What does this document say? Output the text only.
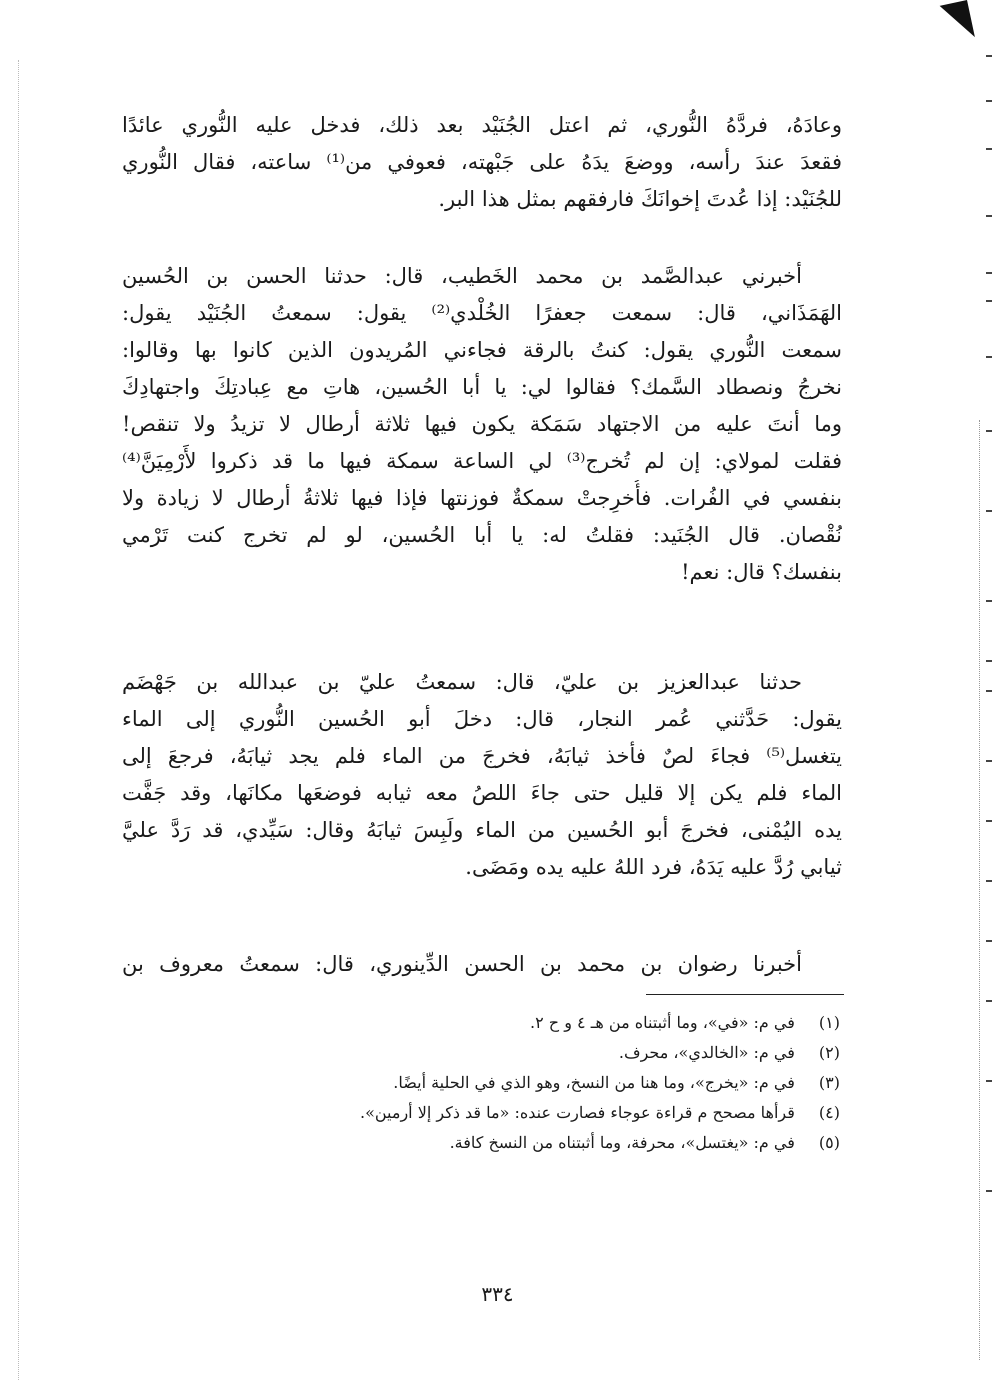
وعادَهُ، فردَّهُ النُّوري، ثم اعتل الجُنَيْد بعد ذلك، فدخل عليه النُّوري عائدًا
فقعدَ عندَ رأسه، ووضعَ يدَهُ على جَبْهته، فعوفي من⁽¹⁾ ساعته، فقال النُّوري
للجُنَيْد: إذا عُدتَ إخوانَكَ فارفقهم بمثل هذا البر.

أخبرني عبدالصَّمد بن محمد الخَطيب، قال: حدثنا الحسن بن الحُسين
الهَمَذَاني، قال: سمعت جعفرًا الخُلْدي⁽²⁾ يقول: سمعتُ الجُنَيْد يقول:
سمعت النُّوري يقول: كنتُ بالرقة فجاءني المُريدون الذين كانوا بها وقالوا:
نخرجُ ونصطاد السَّمك؟ فقالوا لي: يا أبا الحُسين، هاتِ مع عِبادتِكَ واجتهادِكَ
وما أنتَ عليه من الاجتهاد سَمَكة يكون فيها ثلاثة أرطال لا تزيدُ ولا تنقص!
فقلت لمولاي: إن لم تُخرج⁽³⁾ لي الساعة سمكة فيها ما قد ذكروا لأَرْمِيَنَّ⁽⁴⁾
بنفسي في الفُرات. فأُخرِجتْ سمكةٌ فوزنتها فإذا فيها ثلاثةُ أرطال لا زيادة ولا
نُقْصان. قال الجُنَيد: فقلتُ له: يا أبا الحُسين، لو لم تخرج كنت تَرْمي
بنفسك؟ قال: نعم!

حدثنا عبدالعزيز بن عليّ، قال: سمعتُ عليّ بن عبدالله بن جَهْضَم
يقول: حَدَّثني عُمر النجار، قال: دخلَ أبو الحُسين النُّوري إلى الماء
يتغسل⁽⁵⁾ فجاءَ لصٌ فأخذ ثيابَهُ، فخرجَ من الماء فلم يجد ثيابَهُ، فرجعَ إلى
الماء فلم يكن إلا قليل حتى جاءَ اللصُ معه ثيابه فوضعَها مكانَها، وقد جَفَّت
يده اليُمْنى، فخرجَ أبو الحُسين من الماء ولَبِسَ ثيابَهُ وقال: سَيِّدي، قد رَدَّ عليَّ
ثيابي رُدَّ عليه يَدَهُ، فرد اللهُ عليه يده ومَضَى.

أخبرنا رضوان بن محمد بن الحسن الدِّينوري، قال: سمعتُ معروف بن

(١) في م: «في»، وما أثبتناه من هـ ٤ و ح ٢.
(٢) في م: «الخالدي»، محرف.
(٣) في م: «يخرج»، وما هنا من النسخ، وهو الذي في الحلية أيضًا.
(٤) قرأها مصحح م قراءة عوجاء فصارت عنده: «ما قد ذكر إلا أرمين».
(٥) في م: «يغتسل»، محرفة، وما أثبتناه من النسخ كافة.
٣٣٤
